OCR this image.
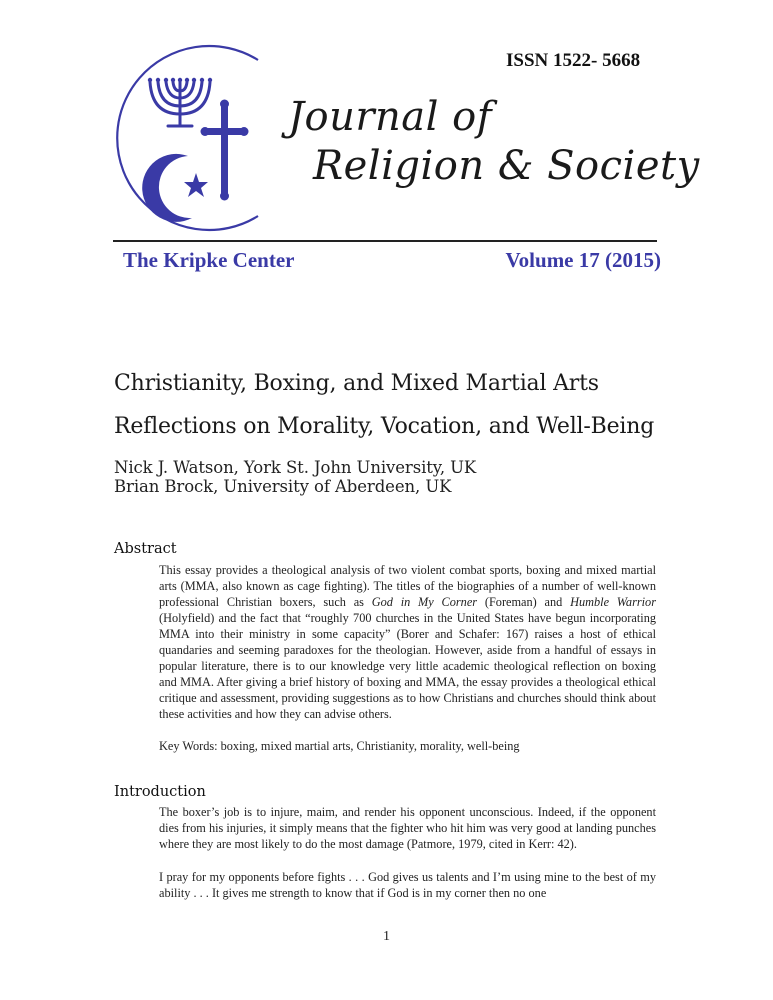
ISSN 1522- 5668
Journal of
Religion & Society
The Kripke Center	Volume 17 (2015)
Christianity, Boxing, and Mixed Martial Arts
Reflections on Morality, Vocation, and Well-Being
Nick J. Watson, York St. John University, UK
Brian Brock, University of Aberdeen, UK
Abstract
This essay provides a theological analysis of two violent combat sports, boxing and mixed martial arts (MMA, also known as cage fighting). The titles of the biographies of a number of well-known professional Christian boxers, such as God in My Corner (Foreman) and Humble Warrior (Holyfield) and the fact that “roughly 700 churches in the United States have begun incorporating MMA into their ministry in some capacity” (Borer and Schafer: 167) raises a host of ethical quandaries and seeming paradoxes for the theologian. However, aside from a handful of essays in popular literature, there is to our knowledge very little academic theological reflection on boxing and MMA. After giving a brief history of boxing and MMA, the essay provides a theological ethical critique and assessment, providing suggestions as to how Christians and churches should think about these activities and how they can advise others.
Key Words: boxing, mixed martial arts, Christianity, morality, well-being
Introduction
The boxer’s job is to injure, maim, and render his opponent unconscious. Indeed, if the opponent dies from his injuries, it simply means that the fighter who hit him was very good at landing punches where they are most likely to do the most damage (Patmore, 1979, cited in Kerr: 42).
I pray for my opponents before fights . . . God gives us talents and I’m using mine to the best of my ability . . . It gives me strength to know that if God is in my corner then no one
1
